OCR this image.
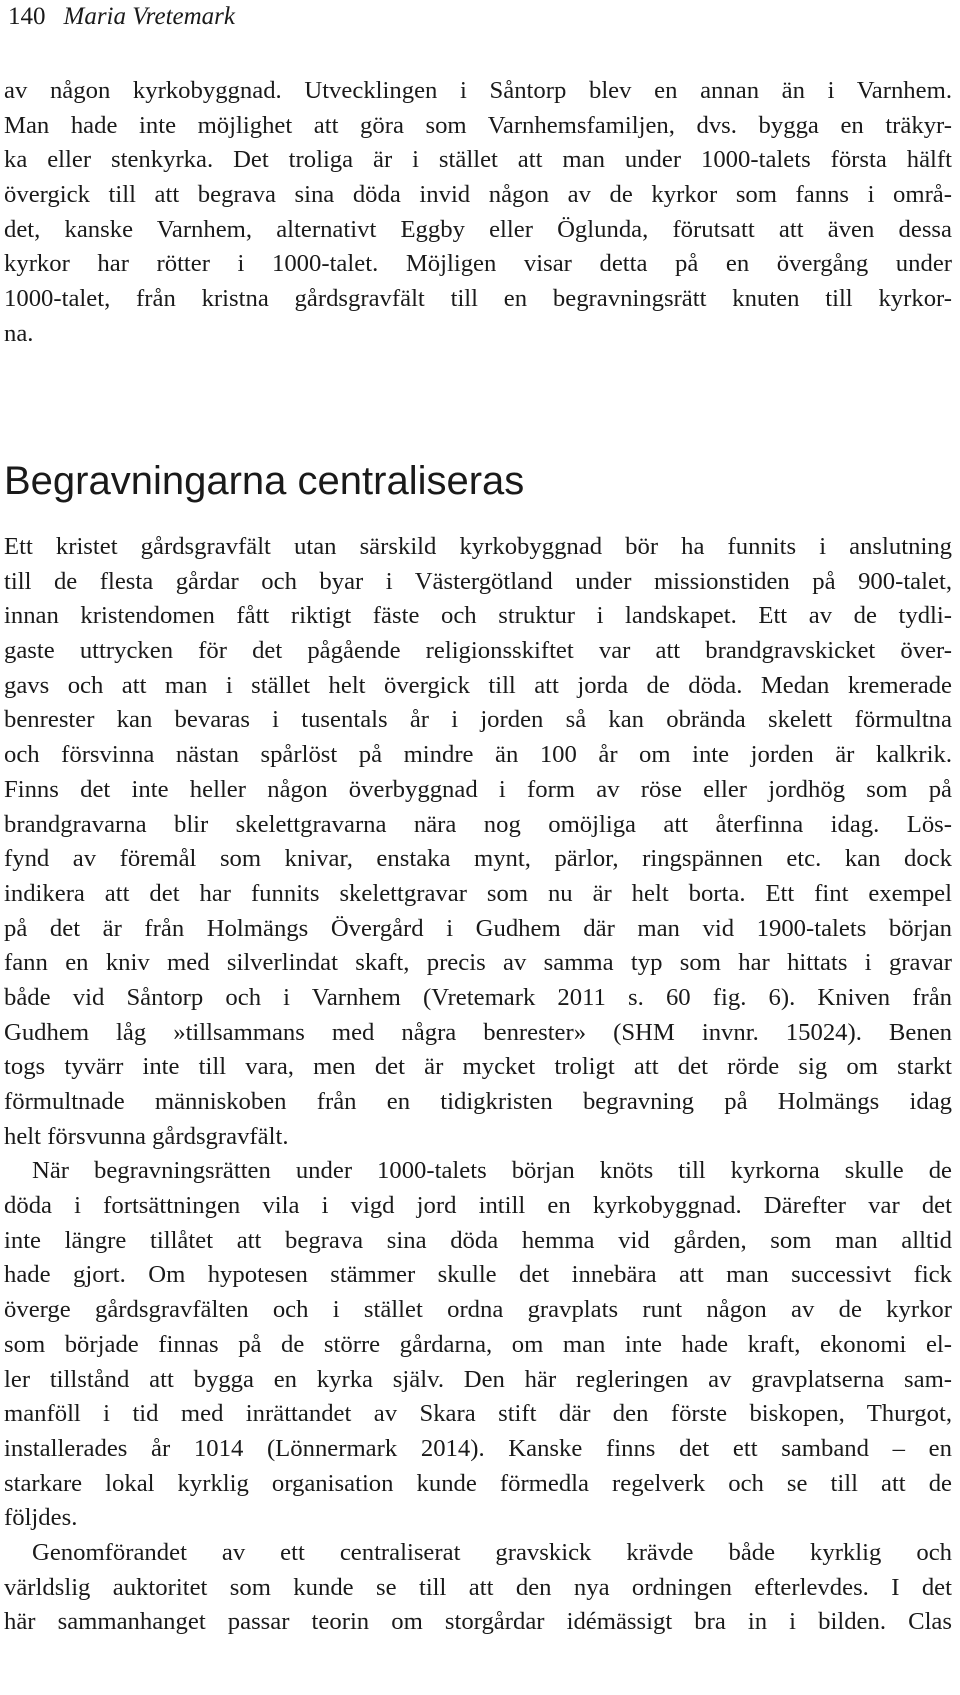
140 Maria Vretemark
av någon kyrkobyggnad. Utvecklingen i Såntorp blev en annan än i Varnhem.
Man hade inte möjlighet att göra som Varnhemsfamiljen, dvs. bygga en träkyr-
ka eller stenkyrka. Det troliga är i stället att man under 1000-talets första hälft
övergick till att begrava sina döda invid någon av de kyrkor som fanns i områ-
det, kanske Varnhem, alternativt Eggby eller Öglunda, förutsatt att även dessa
kyrkor har rötter i 1000-talet. Möjligen visar detta på en övergång under
1000-talet, från kristna gårdsgravfält till en begravningsrätt knuten till kyrkor-
na.
Begravningarna centraliseras
Ett kristet gårdsgravfält utan särskild kyrkobyggnad bör ha funnits i anslutning
till de flesta gårdar och byar i Västergötland under missionstiden på 900-talet,
innan kristendomen fått riktigt fäste och struktur i landskapet. Ett av de tydli-
gaste uttrycken för det pågående religionsskiftet var att brandgravskicket över-
gavs och att man i stället helt övergick till att jorda de döda. Medan kremerade
benrester kan bevaras i tusentals år i jorden så kan obrända skelett förmultna
och försvinna nästan spårlöst på mindre än 100 år om inte jorden är kalkrik.
Finns det inte heller någon överbyggnad i form av röse eller jordhög som på
brandgravarna blir skelettgravarna nära nog omöjliga att återfinna idag. Lös-
fynd av föremål som knivar, enstaka mynt, pärlor, ringspännen etc. kan dock
indikera att det har funnits skelettgravar som nu är helt borta. Ett fint exempel
på det är från Holmängs Övergård i Gudhem där man vid 1900-talets början
fann en kniv med silverlindat skaft, precis av samma typ som har hittats i gravar
både vid Såntorp och i Varnhem (Vretemark 2011 s. 60 fig. 6). Kniven från
Gudhem låg »tillsammans med några benrester» (SHM invnr. 15024). Benen
togs tyvärr inte till vara, men det är mycket troligt att det rörde sig om starkt
förmultnade människoben från en tidigkristen begravning på Holmängs idag
helt försvunna gårdsgravfält.
När begravningsrätten under 1000-talets början knöts till kyrkorna skulle de
döda i fortsättningen vila i vigd jord intill en kyrkobyggnad. Därefter var det
inte längre tillåtet att begrava sina döda hemma vid gården, som man alltid
hade gjort. Om hypotesen stämmer skulle det innebära att man successivt fick
överge gårdsgravfälten och i stället ordna gravplats runt någon av de kyrkor
som började finnas på de större gårdarna, om man inte hade kraft, ekonomi el-
ler tillstånd att bygga en kyrka själv. Den här regleringen av gravplatserna sam-
manföll i tid med inrättandet av Skara stift där den förste biskopen, Thurgot,
installerades år 1014 (Lönnermark 2014). Kanske finns det ett samband – en
starkare lokal kyrklig organisation kunde förmedla regelverk och se till att de
följdes.
Genomförandet av ett centraliserat gravskick krävde både kyrklig och
världslig auktoritet som kunde se till att den nya ordningen efterlevdes. I det
här sammanhanget passar teorin om storgårdar idémässigt bra in i bilden. Clas
